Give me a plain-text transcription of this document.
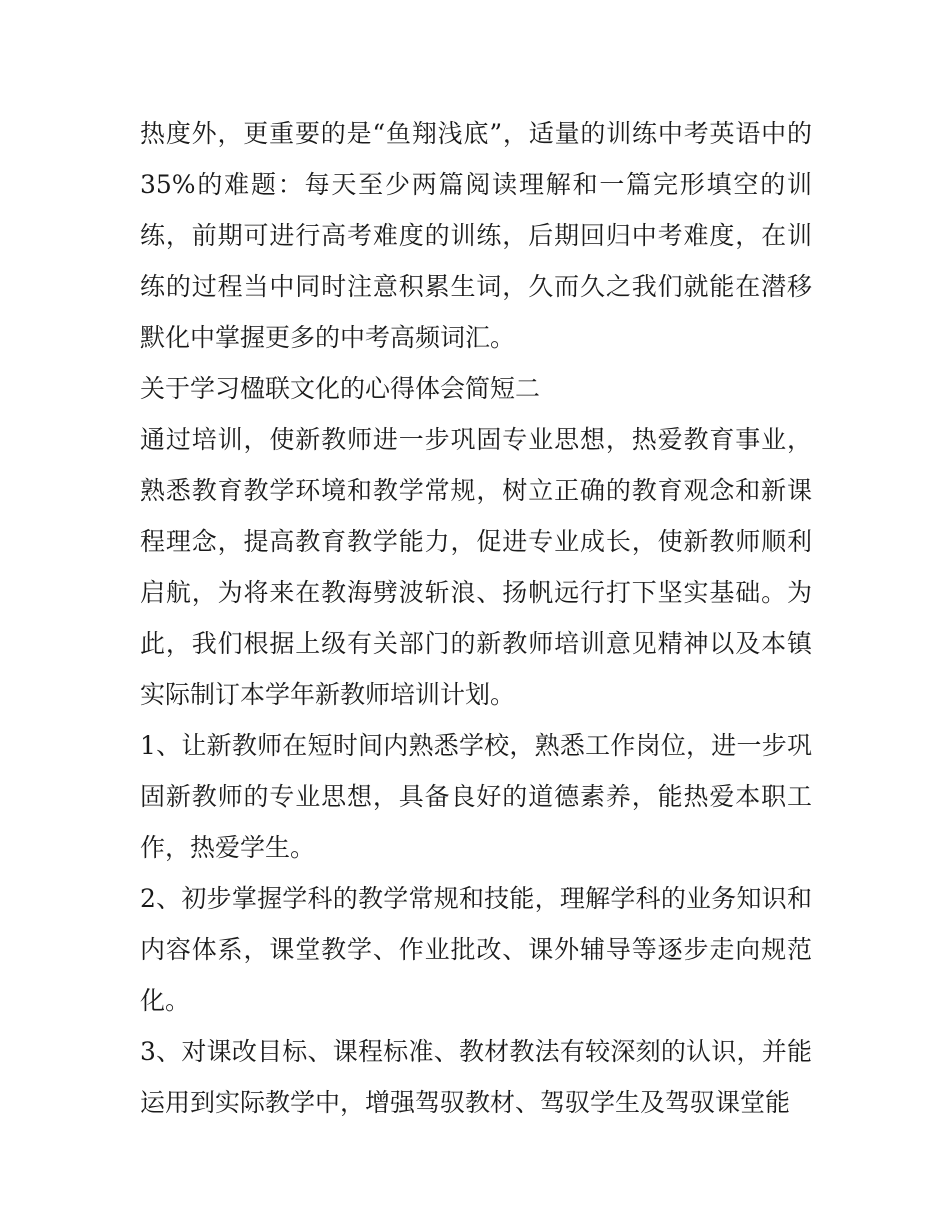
热度外，更重要的是“鱼翔浅底”，适量的训练中考英语中的35%的难题：每天至少两篇阅读理解和一篇完形填空的训练，前期可进行高考难度的训练，后期回归中考难度，在训练的过程当中同时注意积累生词，久而久之我们就能在潜移默化中掌握更多的中考高频词汇。

关于学习楹联文化的心得体会简短二

通过培训，使新教师进一步巩固专业思想，热爱教育事业，熟悉教育教学环境和教学常规，树立正确的教育观念和新课程理念，提高教育教学能力，促进专业成长，使新教师顺利启航，为将来在教海劈波斩浪、扬帆远行打下坚实基础。为此，我们根据上级有关部门的新教师培训意见精神以及本镇实际制订本学年新教师培训计划。

1、让新教师在短时间内熟悉学校，熟悉工作岗位，进一步巩固新教师的专业思想，具备良好的道德素养，能热爱本职工作，热爱学生。

2、初步掌握学科的教学常规和技能，理解学科的业务知识和内容体系，课堂教学、作业批改、课外辅导等逐步走向规范化。

3、对课改目标、课程标准、教材教法有较深刻的认识，并能运用到实际教学中，增强驾驭教材、驾驭学生及驾驭课堂能
